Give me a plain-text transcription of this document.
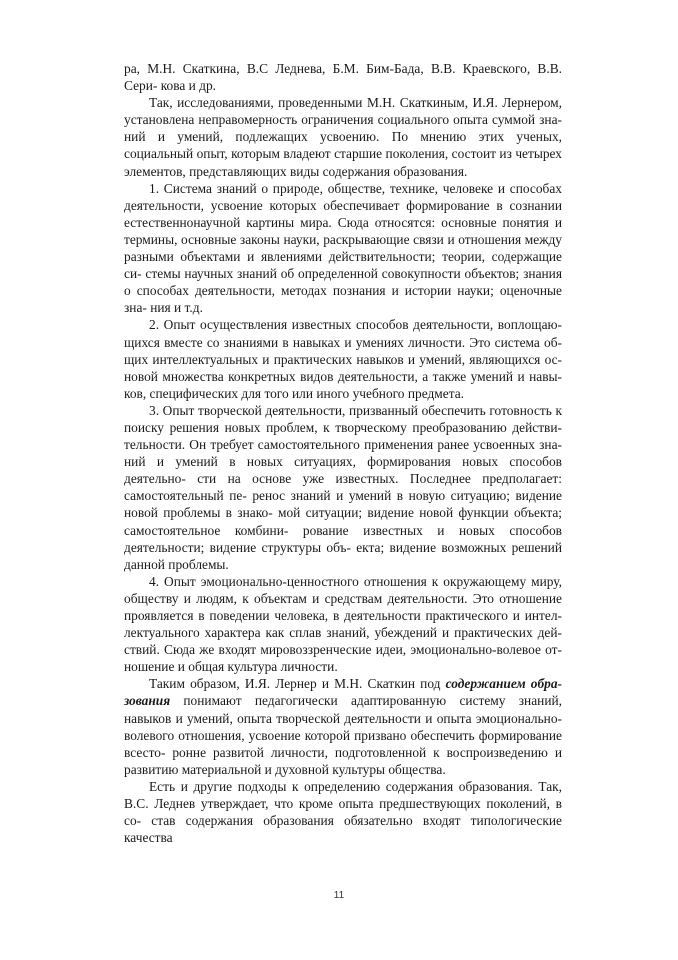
ра, М.Н. Скаткина, В.С Леднева, Б.М. Бим-Бада, В.В. Краевского, В.В. Сери- кова и др.

Так, исследованиями, проведенными М.Н. Скаткиным, И.Я. Лернером, установлена неправомерность ограничения социального опыта суммой зна- ний и умений, подлежащих усвоению. По мнению этих ученых, социальный опыт, которым владеют старшие поколения, состоит из четырех элементов, представляющих виды содержания образования.

1. Система знаний о природе, обществе, технике, человеке и способах деятельности, усвоение которых обеспечивает формирование в сознании естественнонаучной картины мира. Сюда относятся: основные понятия и термины, основные законы науки, раскрывающие связи и отношения между разными объектами и явлениями действительности; теории, содержащие си- стемы научных знаний об определенной совокупности объектов; знания о способах деятельности, методах познания и истории науки; оценочные зна- ния и т.д.

2. Опыт осуществления известных способов деятельности, воплощаю- щихся вместе со знаниями в навыках и умениях личности. Это система об- щих интеллектуальных и практических навыков и умений, являющихся ос- новой множества конкретных видов деятельности, а также умений и навы- ков, специфических для того или иного учебного предмета.

3. Опыт творческой деятельности, призванный обеспечить готовность к поиску решения новых проблем, к творческому преобразованию действи- тельности. Он требует самостоятельного применения ранее усвоенных зна- ний и умений в новых ситуациях, формирования новых способов деятельно- сти на основе уже известных. Последнее предполагает: самостоятельный пе- ренос знаний и умений в новую ситуацию; видение новой проблемы в знако- мой ситуации; видение новой функции объекта; самостоятельное комбини- рование известных и новых способов деятельности; видение структуры объ- екта; видение возможных решений данной проблемы.

4. Опыт эмоционально-ценностного отношения к окружающему миру, обществу и людям, к объектам и средствам деятельности. Это отношение проявляется в поведении человека, в деятельности практического и интел- лектуального характера как сплав знаний, убеждений и практических дей- ствий. Сюда же входят мировоззренческие идеи, эмоционально-волевое от- ношение и общая культура личности.

Таким образом, И.Я. Лернер и М.Н. Скаткин под содержанием обра- зования понимают педагогически адаптированную систему знаний, навыков и умений, опыта творческой деятельности и опыта эмоционально-волевого отношения, усвоение которой призвано обеспечить формирование всесто- ронне развитой личности, подготовленной к воспроизведению и развитию материальной и духовной культуры общества.

Есть и другие подходы к определению содержания образования. Так, В.С. Леднев утверждает, что кроме опыта предшествующих поколений, в со- став содержания образования обязательно входят типологические качества

11
